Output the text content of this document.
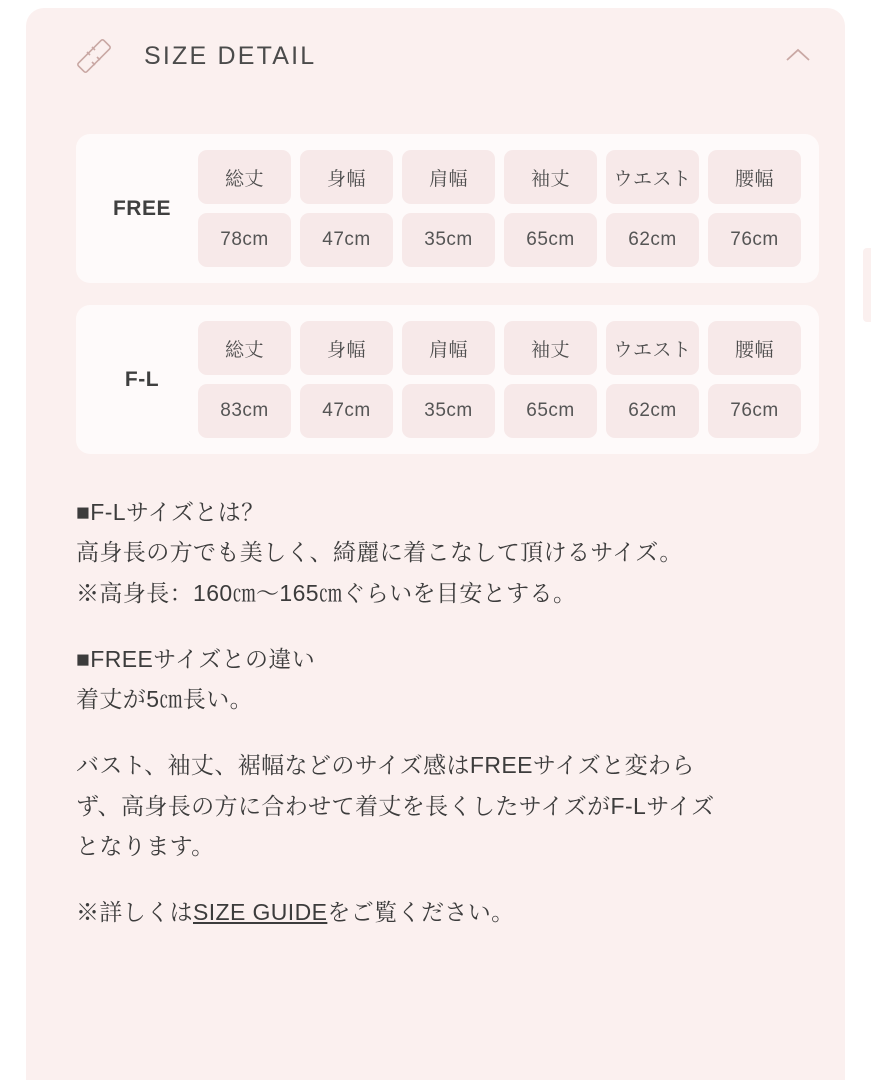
SIZE DETAIL
FREE
総丈	身幅	肩幅	袖丈	ウエスト	腰幅
78cm	47cm	35cm	65cm	62cm	76cm
F-L
総丈	身幅	肩幅	袖丈	ウエスト	腰幅
83cm	47cm	35cm	65cm	62cm	76cm

■F-Lサイズとは？

高身長の方でも美しく、綺麗に着こなして頂けるサイズ。

※高身長：160㎝〜165㎝ぐらいを目安とする。

■FREEサイズとの違い

着丈が5㎝長い。

バスト、袖丈、裾幅などのサイズ感はFREEサイズと変わら

ず、高身長の方に合わせて着丈を長くしたサイズがF-Lサイズ

となります。

※詳しくはSIZE GUIDEをご覧ください。
